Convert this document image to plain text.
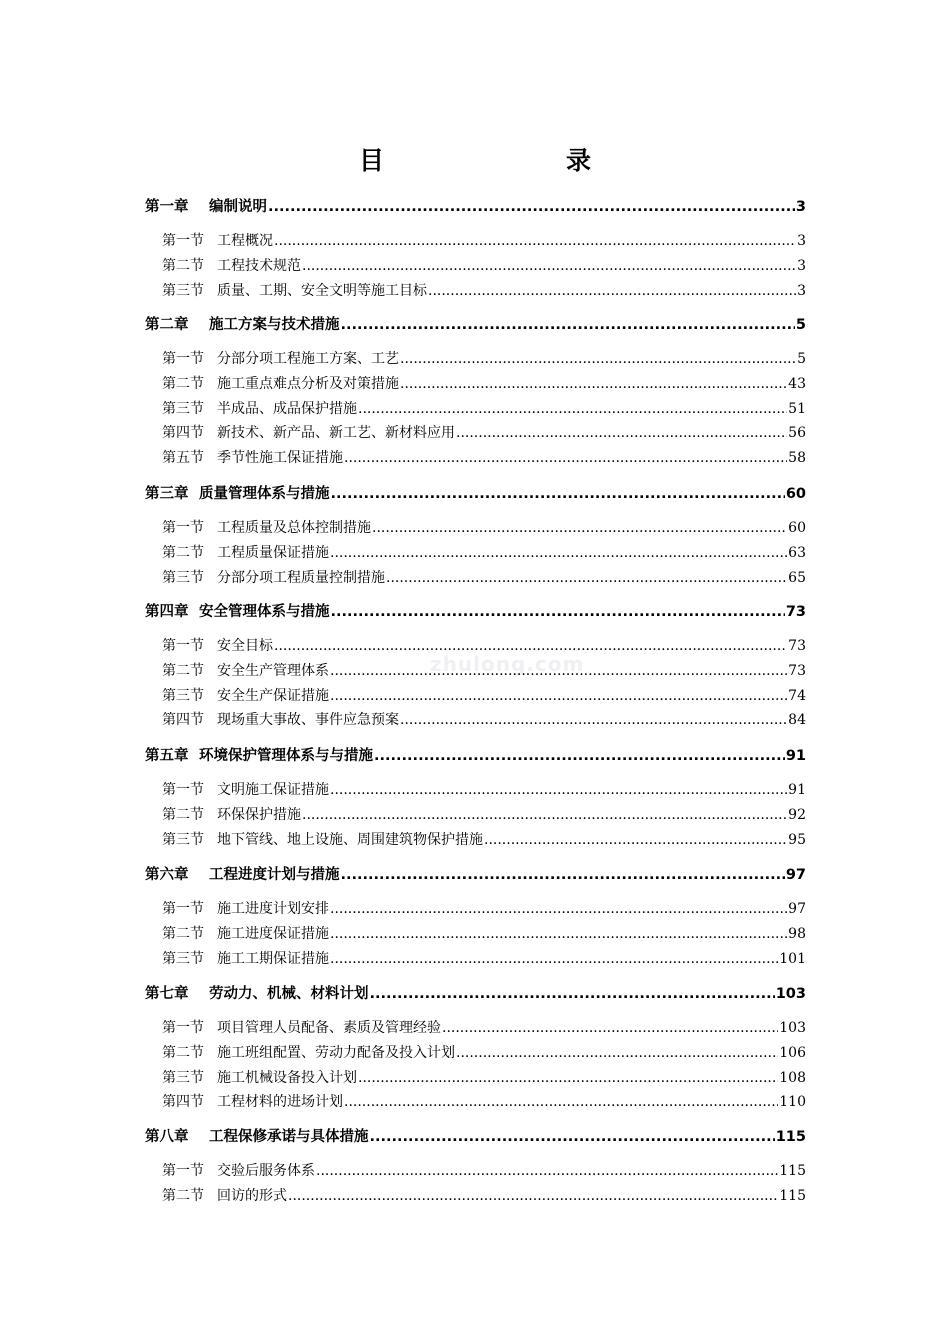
目　　录
zhulong.com
第一章	编制说明 .....	3
第一节 工程概况 .....	3
第二节 工程技术规范 .....	3
第三节 质量、工期、安全文明等施工目标 .....	3
第二章	施工方案与技术措施 .....	5
第一节 分部分项工程施工方案、工艺 .....	5
第二节 施工重点难点分析及对策措施 .....	43
第三节 半成品、成品保护措施 .....	51
第四节 新技术、新产品、新工艺、新材料应用 .....	56
第五节 季节性施工保证措施 .....	58
第三章 质量管理体系与措施 .....	60
第一节 工程质量及总体控制措施 .....	60
第二节 工程质量保证措施 .....	63
第三节 分部分项工程质量控制措施 .....	65
第四章 安全管理体系与措施 .....	73
第一节 安全目标 .....	73
第二节 安全生产管理体系 .....	73
第三节 安全生产保证措施 .....	74
第四节 现场重大事故、事件应急预案 .....	84
第五章 环境保护管理体系与与措施 .....	91
第一节 文明施工保证措施 .....	91
第二节 环保保护措施 .....	92
第三节 地下管线、地上设施、周围建筑物保护措施 .....	95
第六章	工程进度计划与措施 .....	97
第一节 施工进度计划安排 .....	97
第二节 施工进度保证措施 .....	98
第三节 施工工期保证措施 .....	101
第七章	劳动力、机械、材料计划 .....	103
第一节 项目管理人员配备、素质及管理经验 .....	103
第二节 施工班组配置、劳动力配备及投入计划 .....	106
第三节 施工机械设备投入计划 .....	108
第四节 工程材料的进场计划 .....	110
第八章	工程保修承诺与具体措施 .....	115
第一节 交验后服务体系 .....	115
第二节 回访的形式 .....	115
